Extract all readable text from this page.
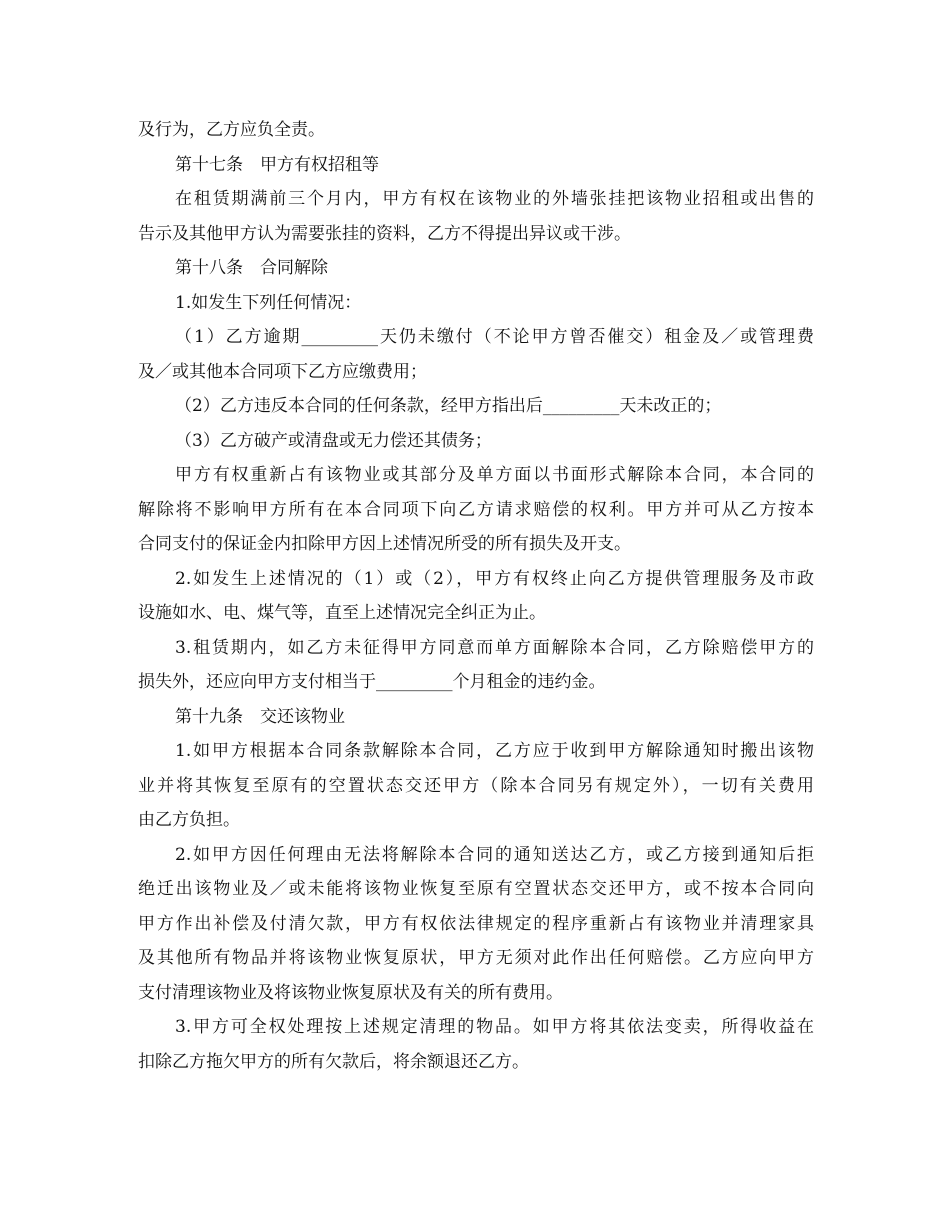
及行为，乙方应负全责。
第十七条　甲方有权招租等
在租赁期满前三个月内，甲方有权在该物业的外墙张挂把该物业招租或出售的
告示及其他甲方认为需要张挂的资料，乙方不得提出异议或干涉。
第十八条　合同解除
1.如发生下列任何情况：
（1）乙方逾期_________天仍未缴付（不论甲方曾否催交）租金及／或管理费
及／或其他本合同项下乙方应缴费用；
（2）乙方违反本合同的任何条款，经甲方指出后_________天未改正的；
（3）乙方破产或清盘或无力偿还其债务；
甲方有权重新占有该物业或其部分及单方面以书面形式解除本合同，本合同的
解除将不影响甲方所有在本合同项下向乙方请求赔偿的权利。甲方并可从乙方按本
合同支付的保证金内扣除甲方因上述情况所受的所有损失及开支。
2.如发生上述情况的（1）或（2），甲方有权终止向乙方提供管理服务及市政
设施如水、电、煤气等，直至上述情况完全纠正为止。
3.租赁期内，如乙方未征得甲方同意而单方面解除本合同，乙方除赔偿甲方的
损失外，还应向甲方支付相当于_________个月租金的违约金。
第十九条　交还该物业
1.如甲方根据本合同条款解除本合同，乙方应于收到甲方解除通知时搬出该物
业并将其恢复至原有的空置状态交还甲方（除本合同另有规定外），一切有关费用
由乙方负担。
2.如甲方因任何理由无法将解除本合同的通知送达乙方，或乙方接到通知后拒
绝迁出该物业及／或未能将该物业恢复至原有空置状态交还甲方，或不按本合同向
甲方作出补偿及付清欠款，甲方有权依法律规定的程序重新占有该物业并清理家具
及其他所有物品并将该物业恢复原状，甲方无须对此作出任何赔偿。乙方应向甲方
支付清理该物业及将该物业恢复原状及有关的所有费用。
3.甲方可全权处理按上述规定清理的物品。如甲方将其依法变卖，所得收益在
扣除乙方拖欠甲方的所有欠款后，将余额退还乙方。
